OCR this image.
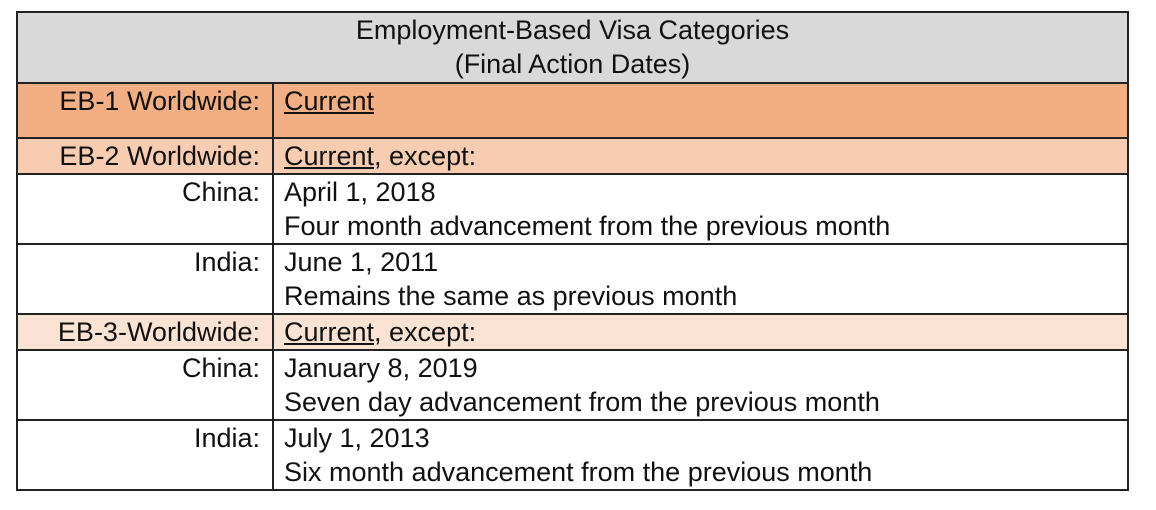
Employment-Based Visa Categories
(Final Action Dates)	

EB-1 Worldwide:	Current
EB-2 Worldwide:	Current, except:
China:	April 1, 2018
Four month advancement from the previous month

India:	June 1, 2011
Remains the same as previous month

EB-3-Worldwide:	Current, except:
China:	January 8, 2019
Seven day advancement from the previous month

India:	July 1, 2013
Six month advancement from the previous month
